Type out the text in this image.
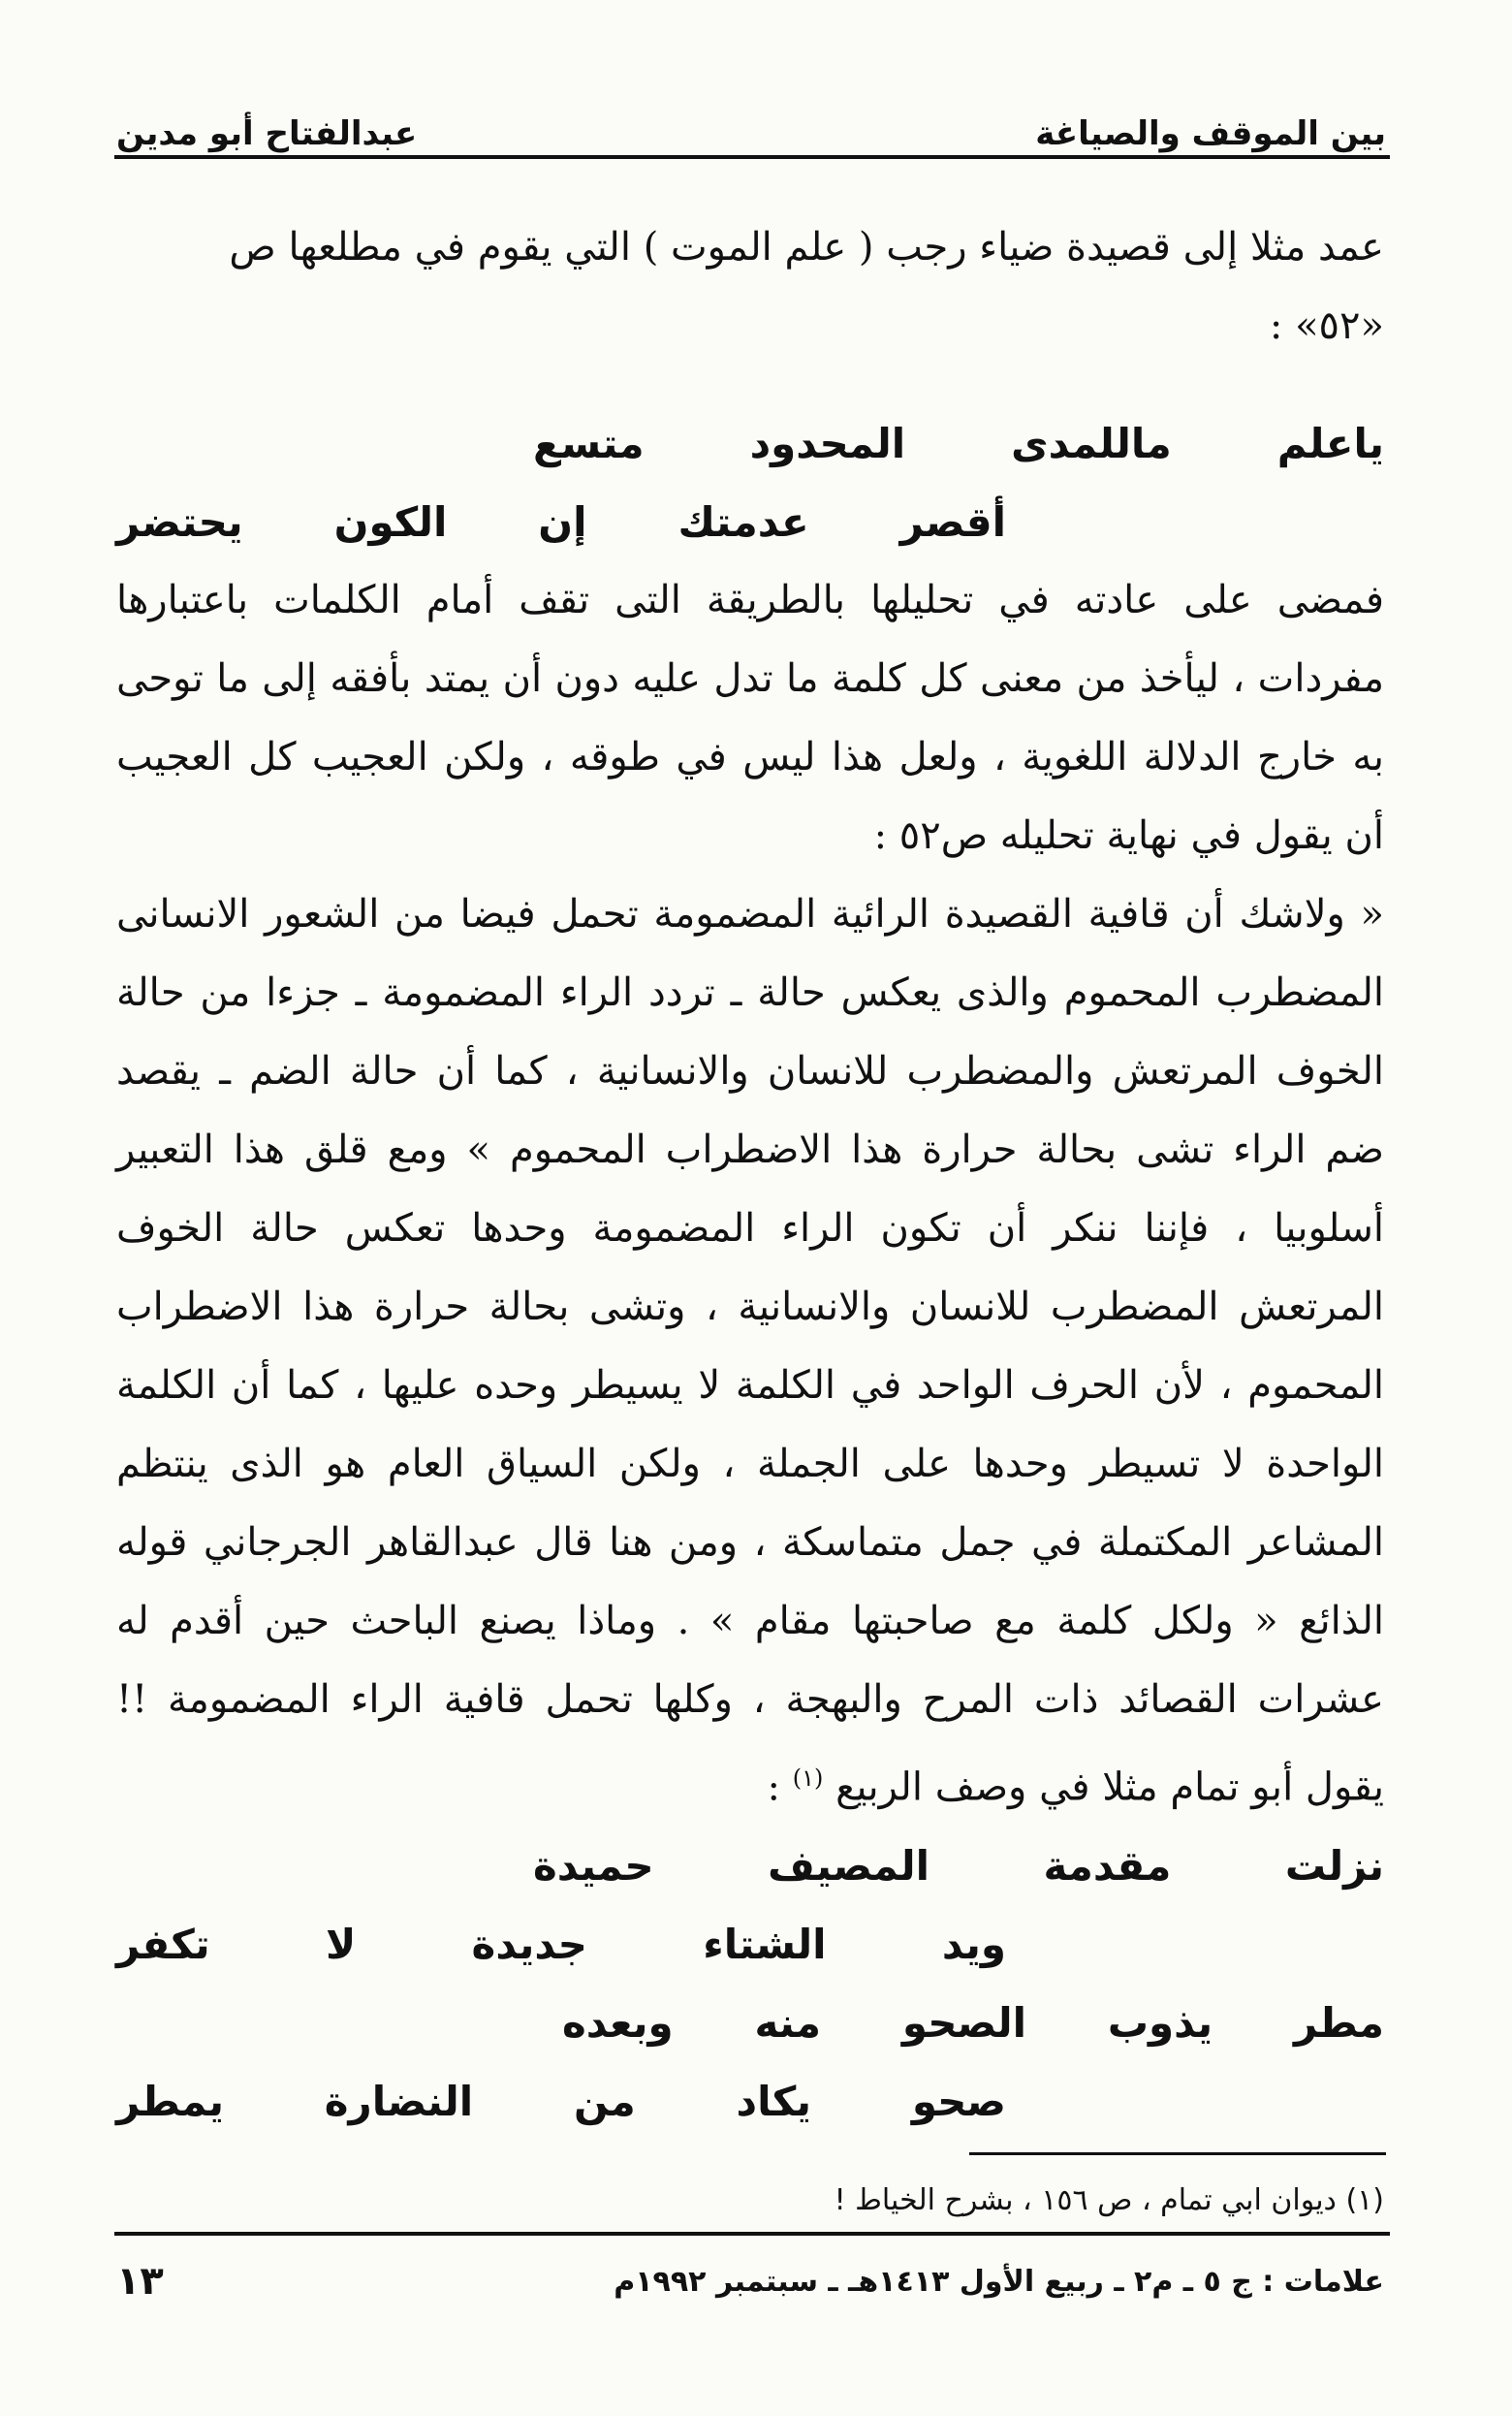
بين الموقف والصياغة
عبدالفتاح أبو مدين

عمد مثلا إلى قصيدة ضياء رجب ( علم الموت ) التي يقوم في مطلعها ص

«٥٢» :

ياعلم
ماللمدى
المحدود
متسع
أقصر
عدمتك
إن
الكون
يحتضر

فمضى على عادته في تحليلها بالطريقة التى تقف أمام الكلمات باعتبارها مفردات ، ليأخذ من معنى كل كلمة ما تدل عليه دون أن يمتد بأفقه إلى ما توحى به خارج الدلالة اللغوية ، ولعل هذا ليس في طوقه ، ولكن العجيب كل العجيب أن يقول في نهاية تحليله ص٥٢ :

« ولاشك أن قافية القصيدة الرائية المضمومة تحمل فيضا من الشعور الانسانى المضطرب المحموم والذى يعكس حالة ـ تردد الراء المضمومة ـ جزءا من حالة الخوف المرتعش والمضطرب للانسان والانسانية ، كما أن حالة الضم ـ يقصد ضم الراء تشى بحالة حرارة هذا الاضطراب المحموم » ومع قلق هذا التعبير أسلوبيا ، فإننا ننكر أن تكون الراء المضمومة وحدها تعكس حالة الخوف المرتعش المضطرب للانسان والانسانية ، وتشى بحالة حرارة هذا الاضطراب المحموم ، لأن الحرف الواحد في الكلمة لا يسيطر وحده عليها ، كما أن الكلمة الواحدة لا تسيطر وحدها على الجملة ، ولكن السياق العام هو الذى ينتظم المشاعر المكتملة في جمل متماسكة ، ومن هنا قال عبدالقاهر الجرجاني قوله الذائع « ولكل كلمة مع صاحبتها مقام » . وماذا يصنع الباحث حين أقدم له عشرات القصائد ذات المرح والبهجة ، وكلها تحمل قافية الراء المضمومة !! يقول أبو تمام مثلا في وصف الربيع $^{(١)}$ :

نزلت
مقدمة
المصيف
حميدة
ويد
الشتاء
جديدة
لا
تكفر
مطر
يذوب
الصحو
منه
وبعده
صحو
يكاد
من
النضارة
يمطر
(١) ديوان ابي تمام ، ص ١٥٦ ، بشرح الخياط !
علامات : ج ٥ ـ م٢ ـ ربيع الأول ١٤١٣هـ ـ سبتمبر ١٩٩٢م
١٣
